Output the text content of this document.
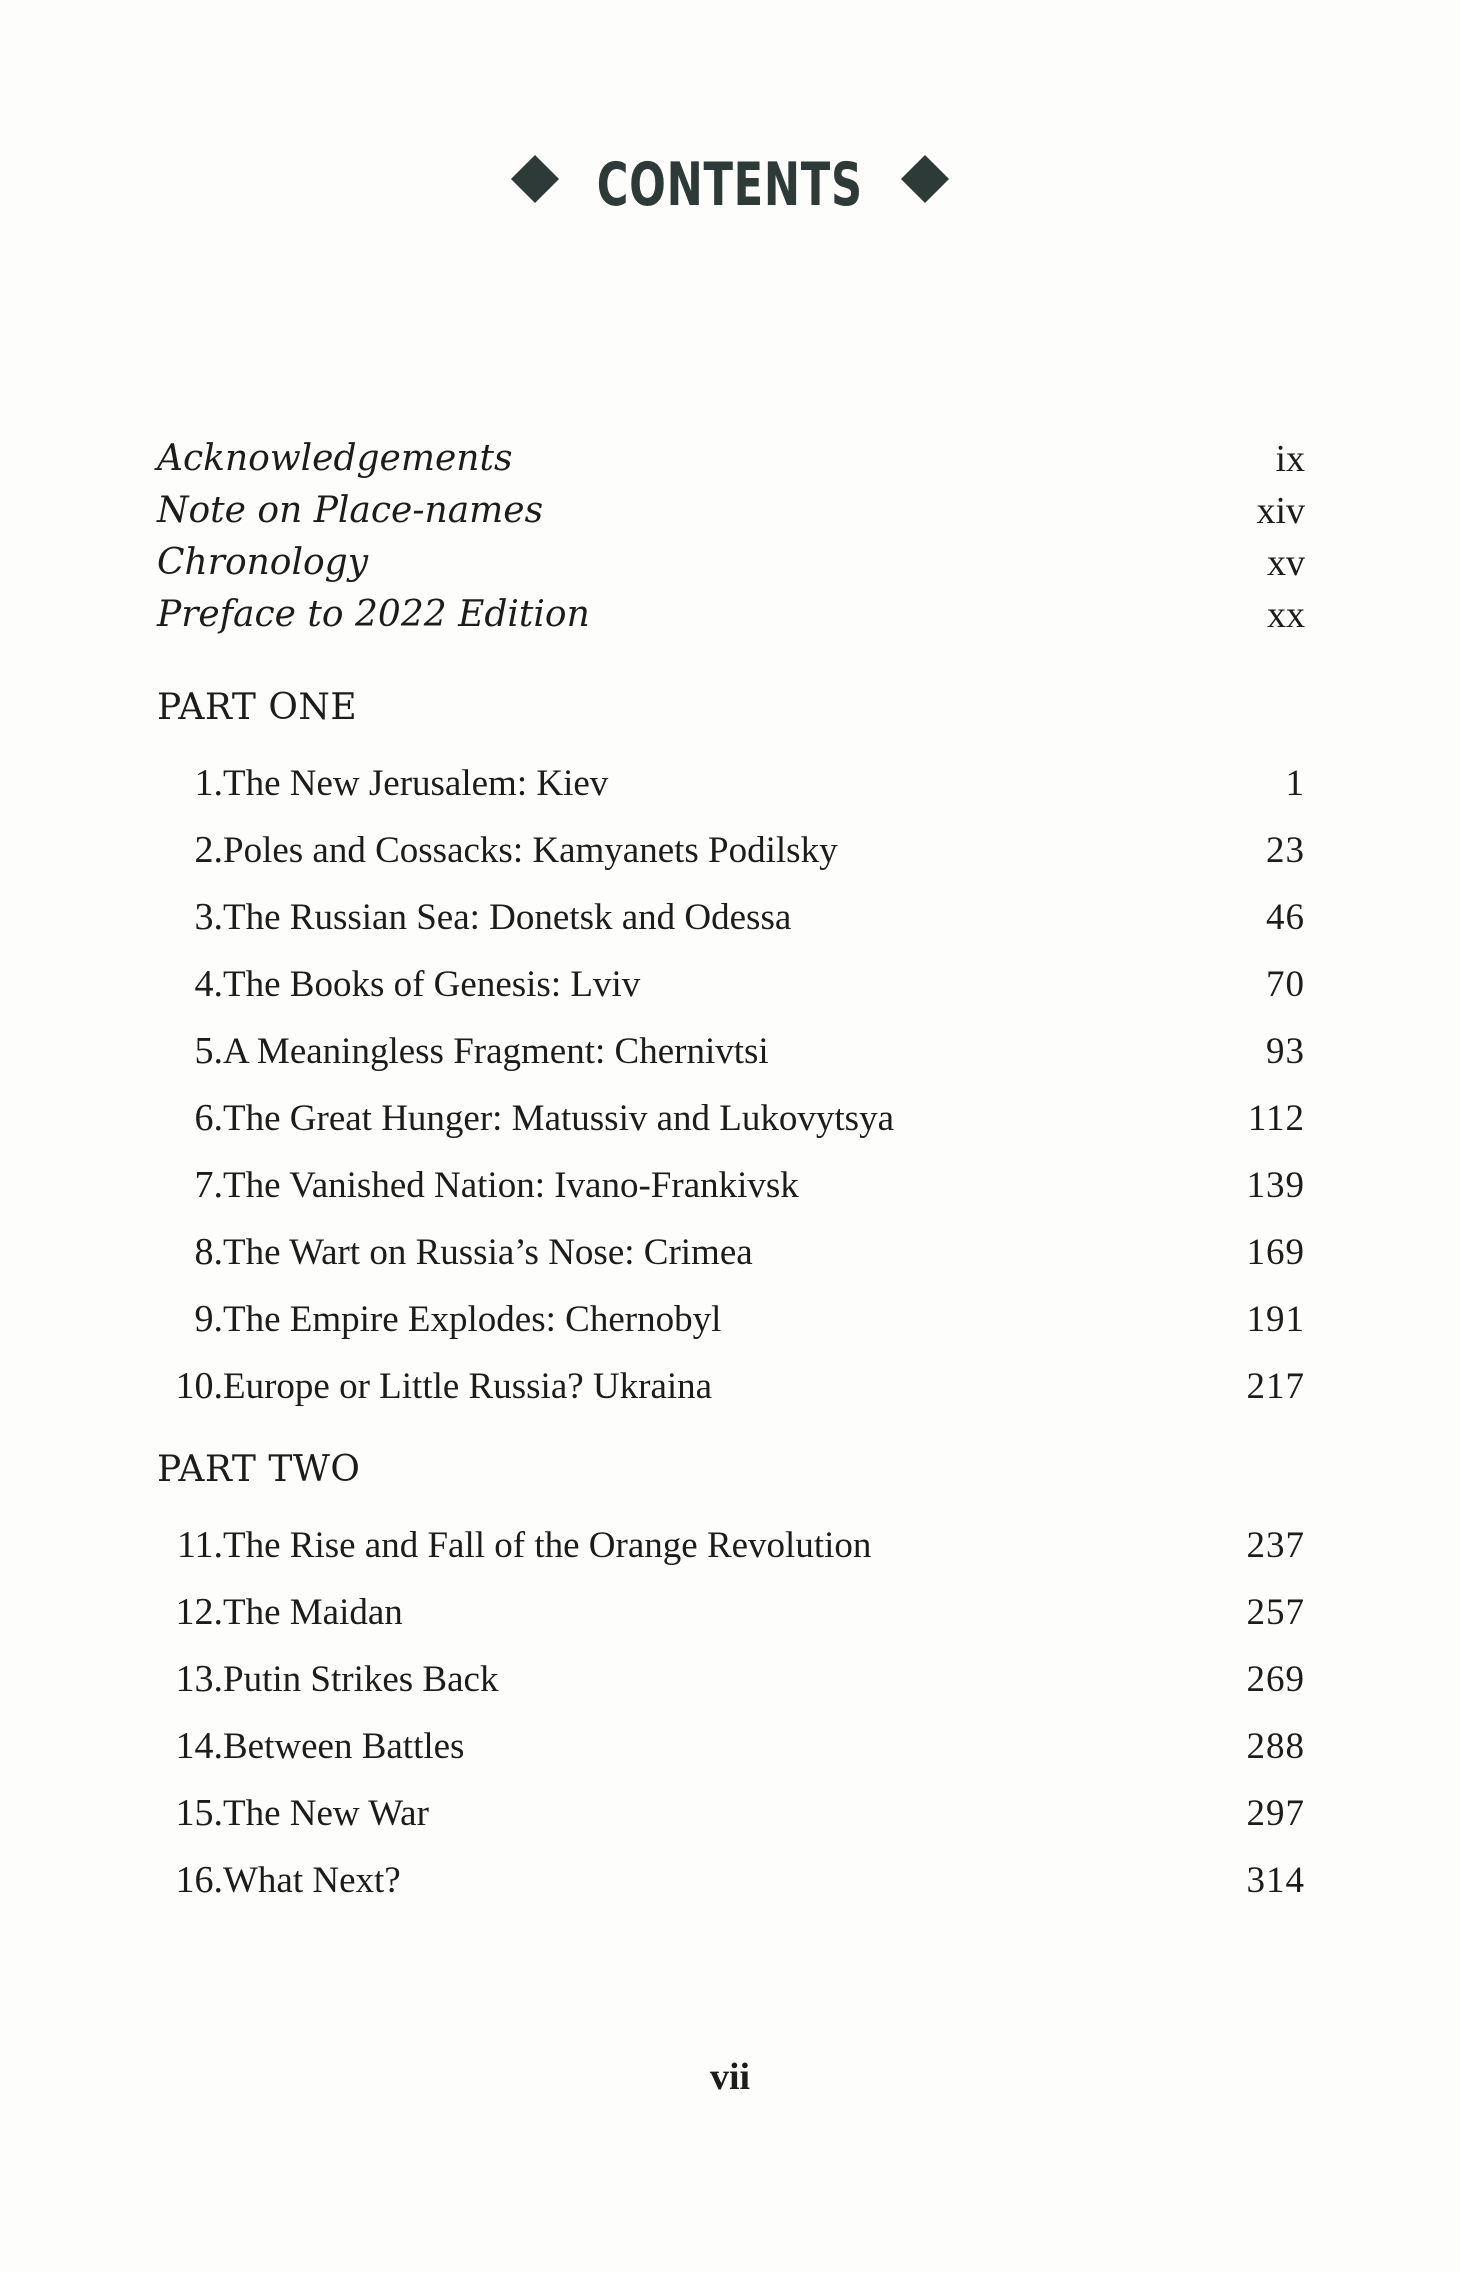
CONTENTS
Acknowledgements	ix
Note on Place-names	xiv
Chronology	xv
Preface to 2022 Edition	xx
PART ONE
1. The New Jerusalem: Kiev	1
2. Poles and Cossacks: Kamyanets Podilsky	23
3. The Russian Sea: Donetsk and Odessa	46
4. The Books of Genesis: Lviv	70
5. A Meaningless Fragment: Chernivtsi	93
6. The Great Hunger: Matussiv and Lukovytsya	112
7. The Vanished Nation: Ivano-Frankivsk	139
8. The Wart on Russia’s Nose: Crimea	169
9. The Empire Explodes: Chernobyl	191
10. Europe or Little Russia? Ukraina	217
PART TWO
11. The Rise and Fall of the Orange Revolution	237
12. The Maidan	257
13. Putin Strikes Back	269
14. Between Battles	288
15. The New War	297
16. What Next?	314
vii
